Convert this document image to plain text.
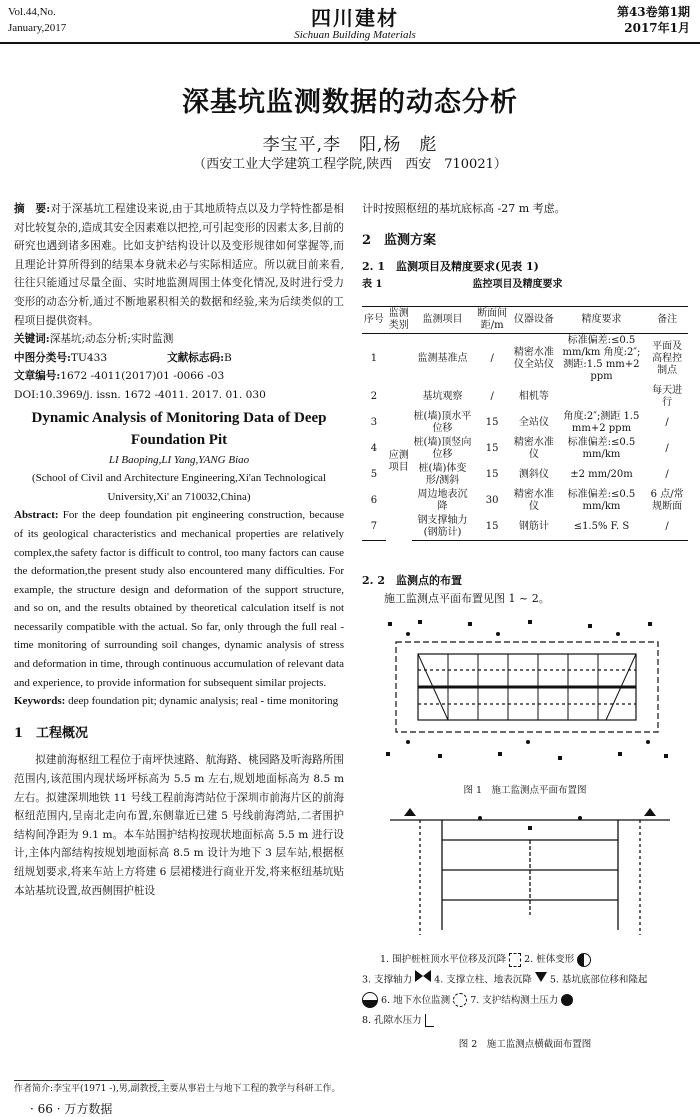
Vol.44,No.
January,2017	四川建材
Sichuan Building Materials
第43卷第1期
2017年1月
深基坑监测数据的动态分析
李宝平,李　阳,杨　彪
（西安工业大学建筑工程学院,陕西　西安　710021）

摘　要:对于深基坑工程建设来说,由于其地质特点以及力学特性都是相对比较复杂的,造成其安全因素难以把控,可引起变形的因素太多,目前的研究也遇到诸多困难。比如支护结构设计以及变形规律如何掌握等,而且理论计算所得到的结果本身就未必与实际相适应。所以就目前来看,往往只能通过尽量全面、实时地监测周围土体变化情况,及时进行受力变形的动态分析,通过不断地累积相关的数据和经验,来为后续类似的工程项目提供资料。

关键词:深基坑;动态分析;实时监测

中图分类号:TU433	文献标志码:B

文章编号:1672 -4011(2017)01 -0066 -03

DOI:10.3969/j. issn. 1672 -4011. 2017. 01. 030

Dynamic Analysis of Monitoring Data of Deep Foundation Pit
LI Baoping,LI Yang,YANG Biao
(School of Civil and Architecture Engineering,Xi'an Technological University,Xi' an 710032,China)

Abstract: For the deep foundation pit engineering construction, because of its geological characteristics and mechanical properties are relatively complex,the safety factor is difficult to control, too many factors can cause the deformation,the present study also encountered many difficulties. For example, the structure design and deformation of the support structure, and so on, and the results obtained by theoretical calculation itself is not necessarily compatible with the actual. So far, only through the full real - time monitoring of surrounding soil changes, dynamic analysis of stress and deformation in time, through continuous accumulation of relevant data and experience, to provide information for subsequent similar projects.

Keywords: deep foundation pit; dynamic analysis; real - time monitoring

1　工程概况

拟建前海枢纽工程位于南坪快速路、航海路、桃园路及听海路所围范围内,该范围内现状场坪标高为 5.5 m 左右,规划地面标高为 8.5 m 左右。拟建深圳地铁 11 号线工程前海湾站位于深圳市前海片区的前海枢纽范围内,呈南北走向布置,东侧靠近已建 5 号线前海湾站,二者围护结构间净距为 9.1 m。本车站围护结构按现状地面标高 5.5 m 进行设计,主体内部结构按规划地面标高 8.5 m 设计为地下 3 层车站,根据枢纽规划要求,将来车站上方将建 6 层裙楼进行商业开发,将来枢纽基坑贴本站基坑设置,故西侧围护桩设

作者简介:李宝平(1971 -),男,副教授,主要从事岩土与地下工程的教学与科研工作。
· 66 · 万方数据

计时按照枢纽的基坑底标高 -27 m 考虑。

2　监测方案

2. 1　监测项目及精度要求(见表 1)

表 1	监控项目及精度要求

序号	监测类别	监测项目	断面间距/m	仪器设备	精度要求	备注
1		监测基准点	/	精密水准仪全站仪	标准偏差:≤0.5 mm/km 角度:2″;测距:1.5 mm+2 ppm	平面及高程控制点
2	应测项目	基坑观察	/	相机等		每天进行
3		桩(墙)顶水平位移	15	全站仪	角度:2″;测距 1.5 mm+2 ppm	/
4		桩(墙)顶竖向位移	15	精密水准仪	标准偏差:≤0.5 mm/km	/
5		桩(墙)体变形/测斜	15	测斜仪	±2 mm/20m	/
6		周边地表沉降	30	精密水准仪	标准偏差:≤0.5 mm/km	6 点/常规断面
7		钢支撑轴力(钢筋计)	15	钢筋计	≤1.5% F. S	/
2. 2　监测点的布置
施工监测点平面布置见图 1 ~ 2。
图 1　施工监测点平面布置图
1. 围护桩桩顶水平位移及沉降 2. 桩体变形
3. 支撑轴力 4. 支撑立柱、地表沉降 5. 基坑底部位移和隆起
6. 地下水位监测 7. 支护结构测土压力
8. 孔隙水压力
图 2　施工监测点横截面布置图
